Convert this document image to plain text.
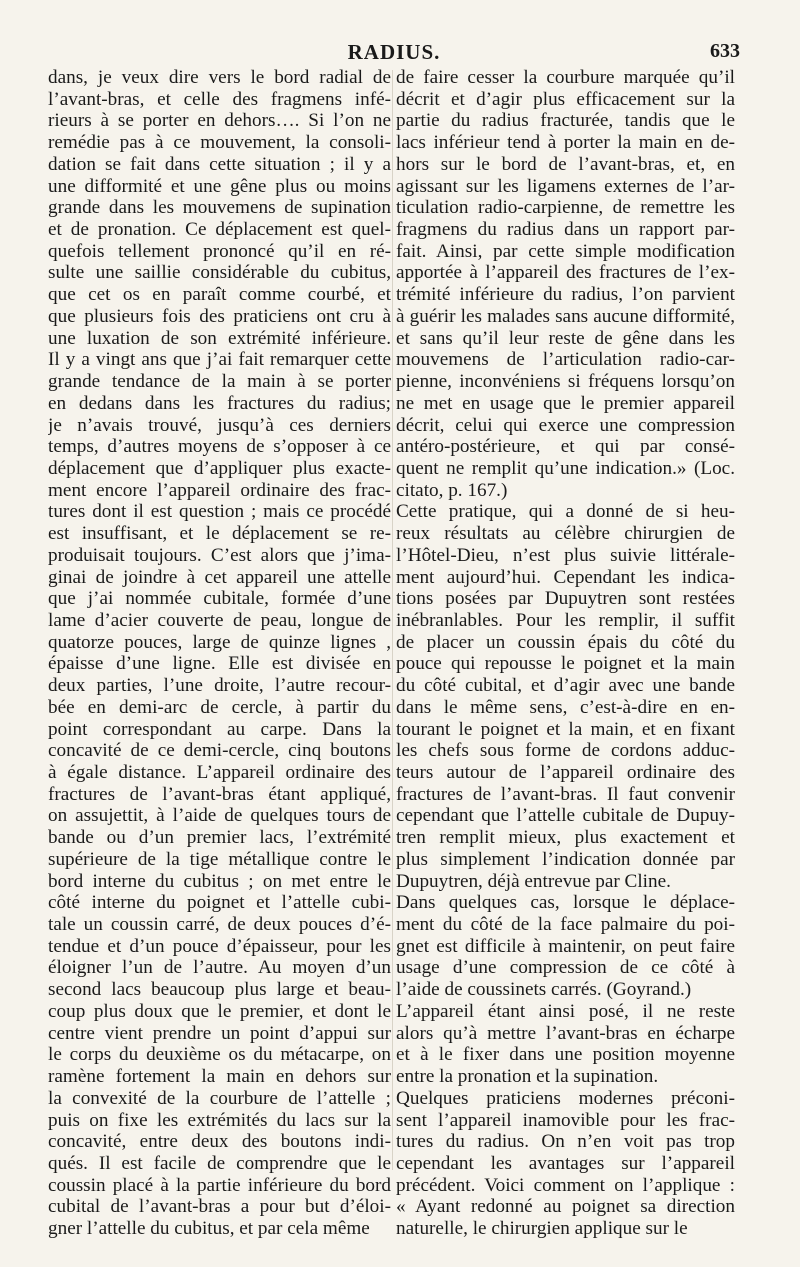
RADIUS.	633
dans, je veux dire vers le bord radial de
l’avant-bras, et celle des fragmens infé-
rieurs à se porter en dehors…. Si l’on ne
remédie pas à ce mouvement, la consoli-
dation se fait dans cette situation ; il y a
une difformité et une gêne plus ou moins
grande dans les mouvemens de supination
et de pronation. Ce déplacement est quel-
quefois tellement prononcé qu’il en ré-
sulte une saillie considérable du cubitus,
que cet os en paraît comme courbé, et
que plusieurs fois des praticiens ont cru à
une luxation de son extrémité inférieure.
Il y a vingt ans que j’ai fait remarquer cette
grande tendance de la main à se porter
en dedans dans les fractures du radius;
je n’avais trouvé, jusqu’à ces derniers
temps, d’autres moyens de s’opposer à ce
déplacement que d’appliquer plus exacte-
ment encore l’appareil ordinaire des frac-
tures dont il est question ; mais ce procédé
est insuffisant, et le déplacement se re-
produisait toujours. C’est alors que j’ima-
ginai de joindre à cet appareil une attelle
que j’ai nommée cubitale, formée d’une
lame d’acier couverte de peau, longue de
quatorze pouces, large de quinze lignes ,
épaisse d’une ligne. Elle est divisée en
deux parties, l’une droite, l’autre recour-
bée en demi-arc de cercle, à partir du
point correspondant au carpe. Dans la
concavité de ce demi-cercle, cinq boutons
à égale distance. L’appareil ordinaire des
fractures de l’avant-bras étant appliqué,
on assujettit, à l’aide de quelques tours de
bande ou d’un premier lacs, l’extrémité
supérieure de la tige métallique contre le
bord interne du cubitus ; on met entre le
côté interne du poignet et l’attelle cubi-
tale un coussin carré, de deux pouces d’é-
tendue et d’un pouce d’épaisseur, pour les
éloigner l’un de l’autre. Au moyen d’un
second lacs beaucoup plus large et beau-
coup plus doux que le premier, et dont le
centre vient prendre un point d’appui sur
le corps du deuxième os du métacarpe, on
ramène fortement la main en dehors sur
la convexité de la courbure de l’attelle ;
puis on fixe les extrémités du lacs sur la
concavité, entre deux des boutons indi-
qués. Il est facile de comprendre que le
coussin placé à la partie inférieure du bord
cubital de l’avant-bras a pour but d’éloi-
gner l’attelle du cubitus, et par cela même
de faire cesser la courbure marquée qu’il
décrit et d’agir plus efficacement sur la
partie du radius fracturée, tandis que le
lacs inférieur tend à porter la main en de-
hors sur le bord de l’avant-bras, et, en
agissant sur les ligamens externes de l’ar-
ticulation radio-carpienne, de remettre les
fragmens du radius dans un rapport par-
fait. Ainsi, par cette simple modification
apportée à l’appareil des fractures de l’ex-
trémité inférieure du radius, l’on parvient
à guérir les malades sans aucune difformité,
et sans qu’il leur reste de gêne dans les
mouvemens de l’articulation radio-car-
pienne, inconvéniens si fréquens lorsqu’on
ne met en usage que le premier appareil
décrit, celui qui exerce une compression
antéro-postérieure, et qui par consé-
quent ne remplit qu’une indication.» (Loc.
citato, p. 167.)
Cette pratique, qui a donné de si heu-
reux résultats au célèbre chirurgien de
l’Hôtel-Dieu, n’est plus suivie littérale-
ment aujourd’hui. Cependant les indica-
tions posées par Dupuytren sont restées
inébranlables. Pour les remplir, il suffit
de placer un coussin épais du côté du
pouce qui repousse le poignet et la main
du côté cubital, et d’agir avec une bande
dans le même sens, c’est-à-dire en en-
tourant le poignet et la main, et en fixant
les chefs sous forme de cordons adduc-
teurs autour de l’appareil ordinaire des
fractures de l’avant-bras. Il faut convenir
cependant que l’attelle cubitale de Dupuy-
tren remplit mieux, plus exactement et
plus simplement l’indication donnée par
Dupuytren, déjà entrevue par Cline.
Dans quelques cas, lorsque le déplace-
ment du côté de la face palmaire du poi-
gnet est difficile à maintenir, on peut faire
usage d’une compression de ce côté à
l’aide de coussinets carrés. (Goyrand.)
L’appareil étant ainsi posé, il ne reste
alors qu’à mettre l’avant-bras en écharpe
et à le fixer dans une position moyenne
entre la pronation et la supination.
Quelques praticiens modernes préconi-
sent l’appareil inamovible pour les frac-
tures du radius. On n’en voit pas trop
cependant les avantages sur l’appareil
précédent. Voici comment on l’applique :
« Ayant redonné au poignet sa direction
naturelle, le chirurgien applique sur le
